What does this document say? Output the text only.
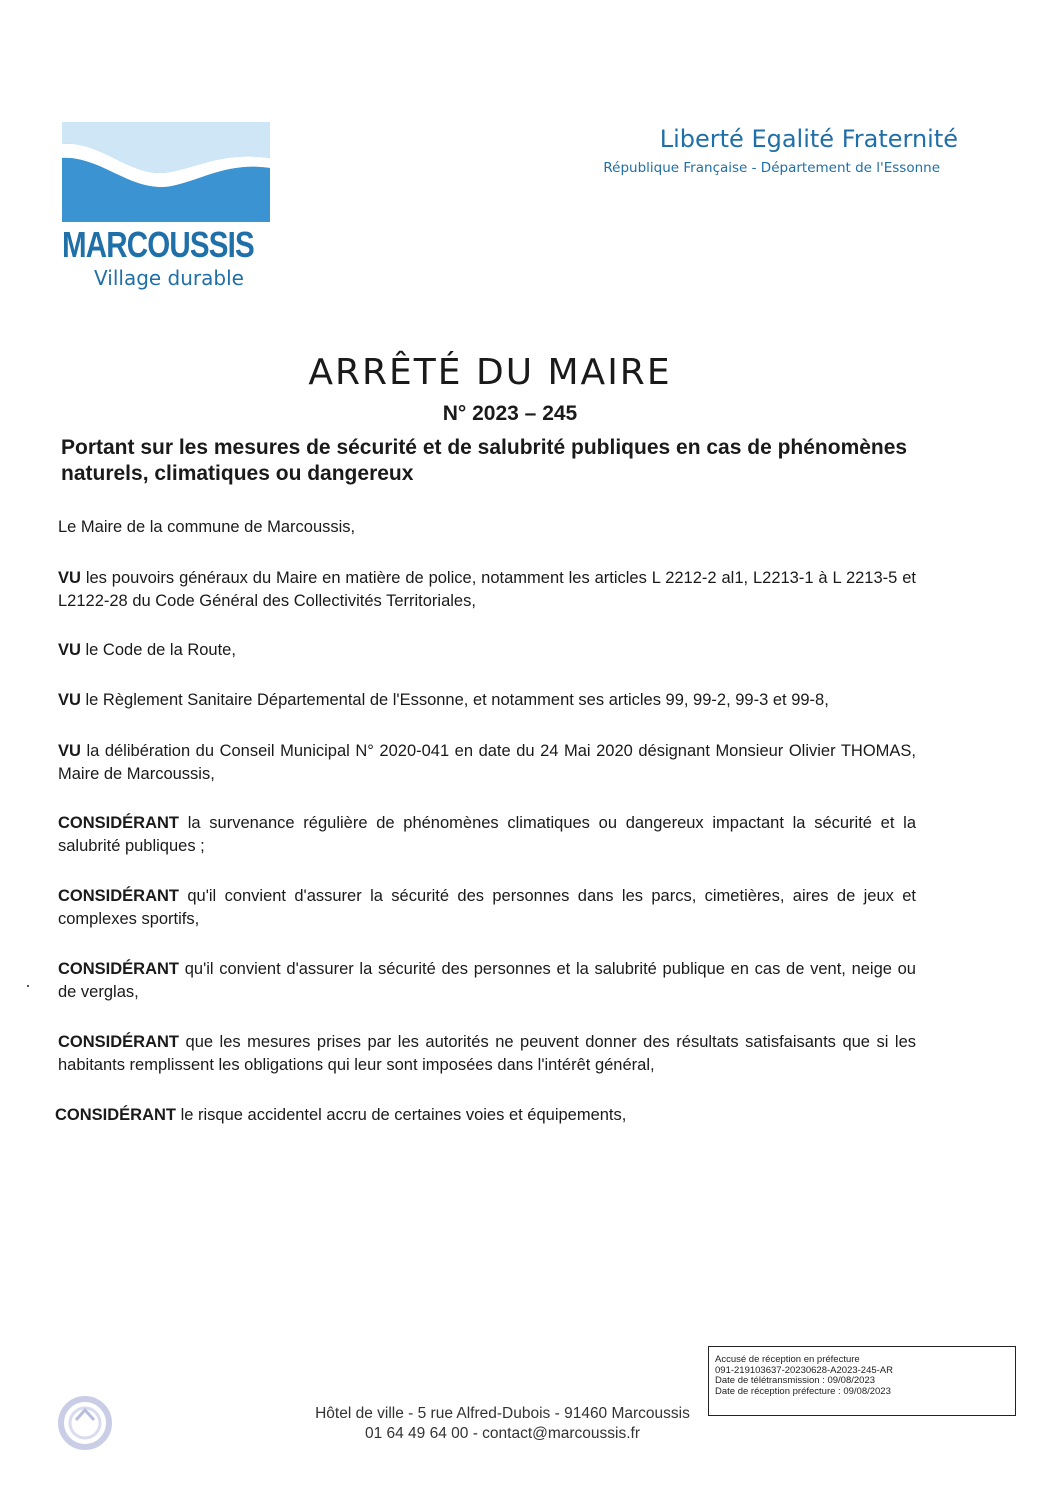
MARCOUSSIS
Village durable
Liberté Egalité Fraternité
République Française - Département de l'Essonne
ARRÊTÉ DU MAIRE
N° 2023 – 245
Portant sur les mesures de sécurité et de salubrité publiques en cas de phénomènes naturels, climatiques ou dangereux
Le Maire de la commune de Marcoussis,
VU les pouvoirs généraux du Maire en matière de police, notamment les articles L 2212-2 al1, L2213-1 à L 2213-5 et L2122-28 du Code Général des Collectivités Territoriales,
VU le Code de la Route,
VU le Règlement Sanitaire Départemental de l'Essonne, et notamment ses articles 99, 99-2, 99-3 et 99-8,
VU la délibération du Conseil Municipal N° 2020-041 en date du 24 Mai 2020 désignant Monsieur Olivier THOMAS, Maire de Marcoussis,
CONSIDÉRANT la survenance régulière de phénomènes climatiques ou dangereux impactant la sécurité et la salubrité publiques ;
CONSIDÉRANT qu'il convient d'assurer la sécurité des personnes dans les parcs, cimetières, aires de jeux et complexes sportifs,
CONSIDÉRANT qu'il convient d'assurer la sécurité des personnes et la salubrité publique en cas de vent, neige ou de verglas,
CONSIDÉRANT que les mesures prises par les autorités ne peuvent donner des résultats satisfaisants que si les habitants remplissent les obligations qui leur sont imposées dans l'intérêt général,
CONSIDÉRANT le risque accidentel accru de certaines voies et équipements,
Accusé de réception en préfecture
091-219103637-20230628-A2023-245-AR
Date de télétransmission : 09/08/2023
Date de réception préfecture : 09/08/2023
Hôtel de ville - 5 rue Alfred-Dubois - 91460 Marcoussis
01 64 49 64 00 - contact@marcoussis.fr
